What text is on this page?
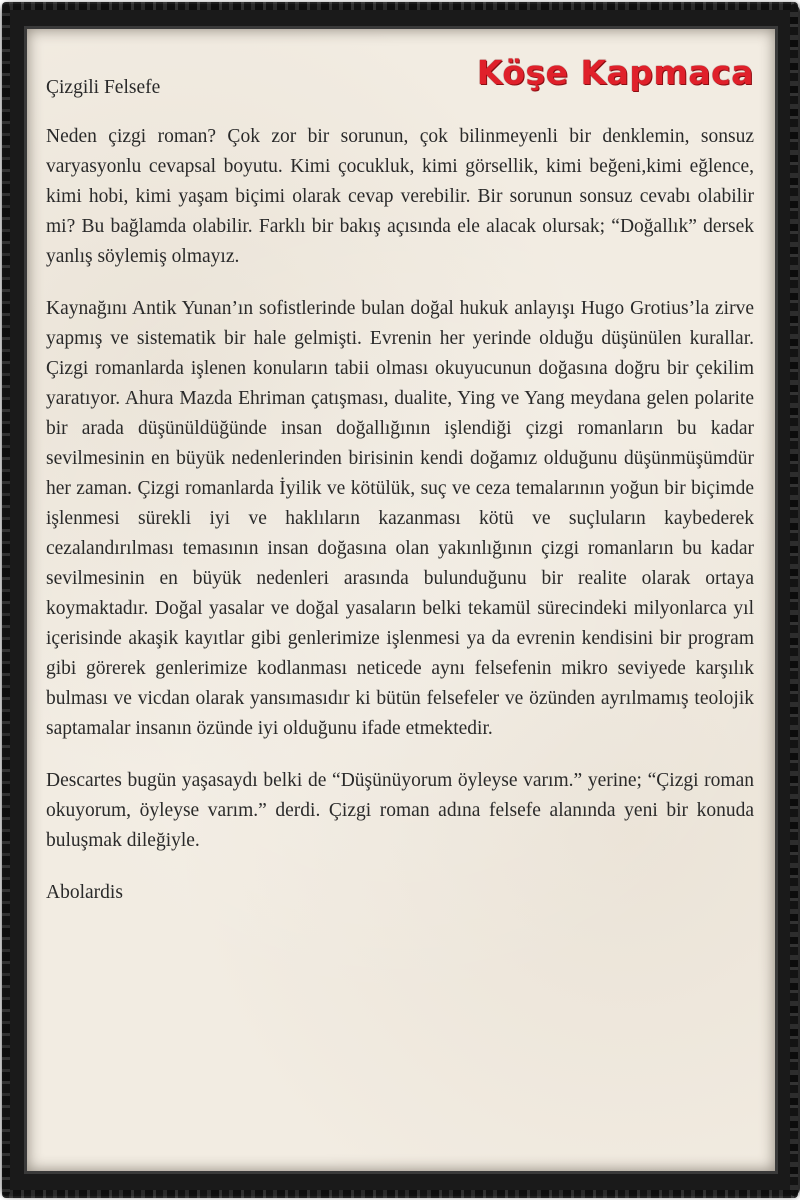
Köşe Kapmaca

Çizgili Felsefe

Neden çizgi roman? Çok zor bir sorunun, çok bilinmeyenli bir denklemin, sonsuz varyasyonlu cevapsal boyutu. Kimi çocukluk, kimi görsellik, kimi beğeni,kimi eğlence, kimi hobi, kimi yaşam biçimi olarak cevap verebilir. Bir sorunun sonsuz cevabı olabilir mi? Bu bağlamda olabilir. Farklı bir bakış açısında ele alacak olursak; “Doğallık” dersek yanlış söylemiş olmayız.

Kaynağını Antik Yunan’ın sofistlerinde bulan doğal hukuk anlayışı Hugo Grotius’la zirve yapmış ve sistematik bir hale gelmişti. Evrenin her yerinde olduğu düşünülen kurallar. Çizgi romanlarda işlenen konuların tabii olması okuyucunun doğasına doğru bir çekilim yaratıyor. Ahura Mazda Ehriman çatışması, dualite, Ying ve Yang meydana gelen polarite bir arada düşünüldüğünde insan doğallığının işlendiği çizgi romanların bu kadar sevilmesinin en büyük nedenlerinden birisinin kendi doğamız olduğunu düşünmüşümdür her zaman. Çizgi romanlarda İyilik ve kötülük, suç ve ceza temalarının yoğun bir biçimde işlenmesi sürekli iyi ve haklıların kazanması kötü ve suçluların kaybederek cezalandırılması temasının insan doğasına olan yakınlığının çizgi romanların bu kadar sevilmesinin en büyük nedenleri arasında bulunduğunu bir realite olarak ortaya koymaktadır. Doğal yasalar ve doğal yasaların belki tekamül sürecindeki milyonlarca yıl içerisinde akaşik kayıtlar gibi genlerimize işlenmesi ya da evrenin kendisini bir program gibi görerek genlerimize kodlanması neticede aynı felsefenin mikro seviyede karşılık bulması ve vicdan olarak yansımasıdır ki bütün felsefeler ve özünden ayrılmamış teolojik saptamalar insanın özünde iyi olduğunu ifade etmektedir.

Descartes bugün yaşasaydı belki de “Düşünüyorum öyleyse varım.” yerine; “Çizgi roman okuyorum, öyleyse varım.” derdi. Çizgi roman adına felsefe alanında yeni bir konuda buluşmak dileğiyle.

Abolardis
